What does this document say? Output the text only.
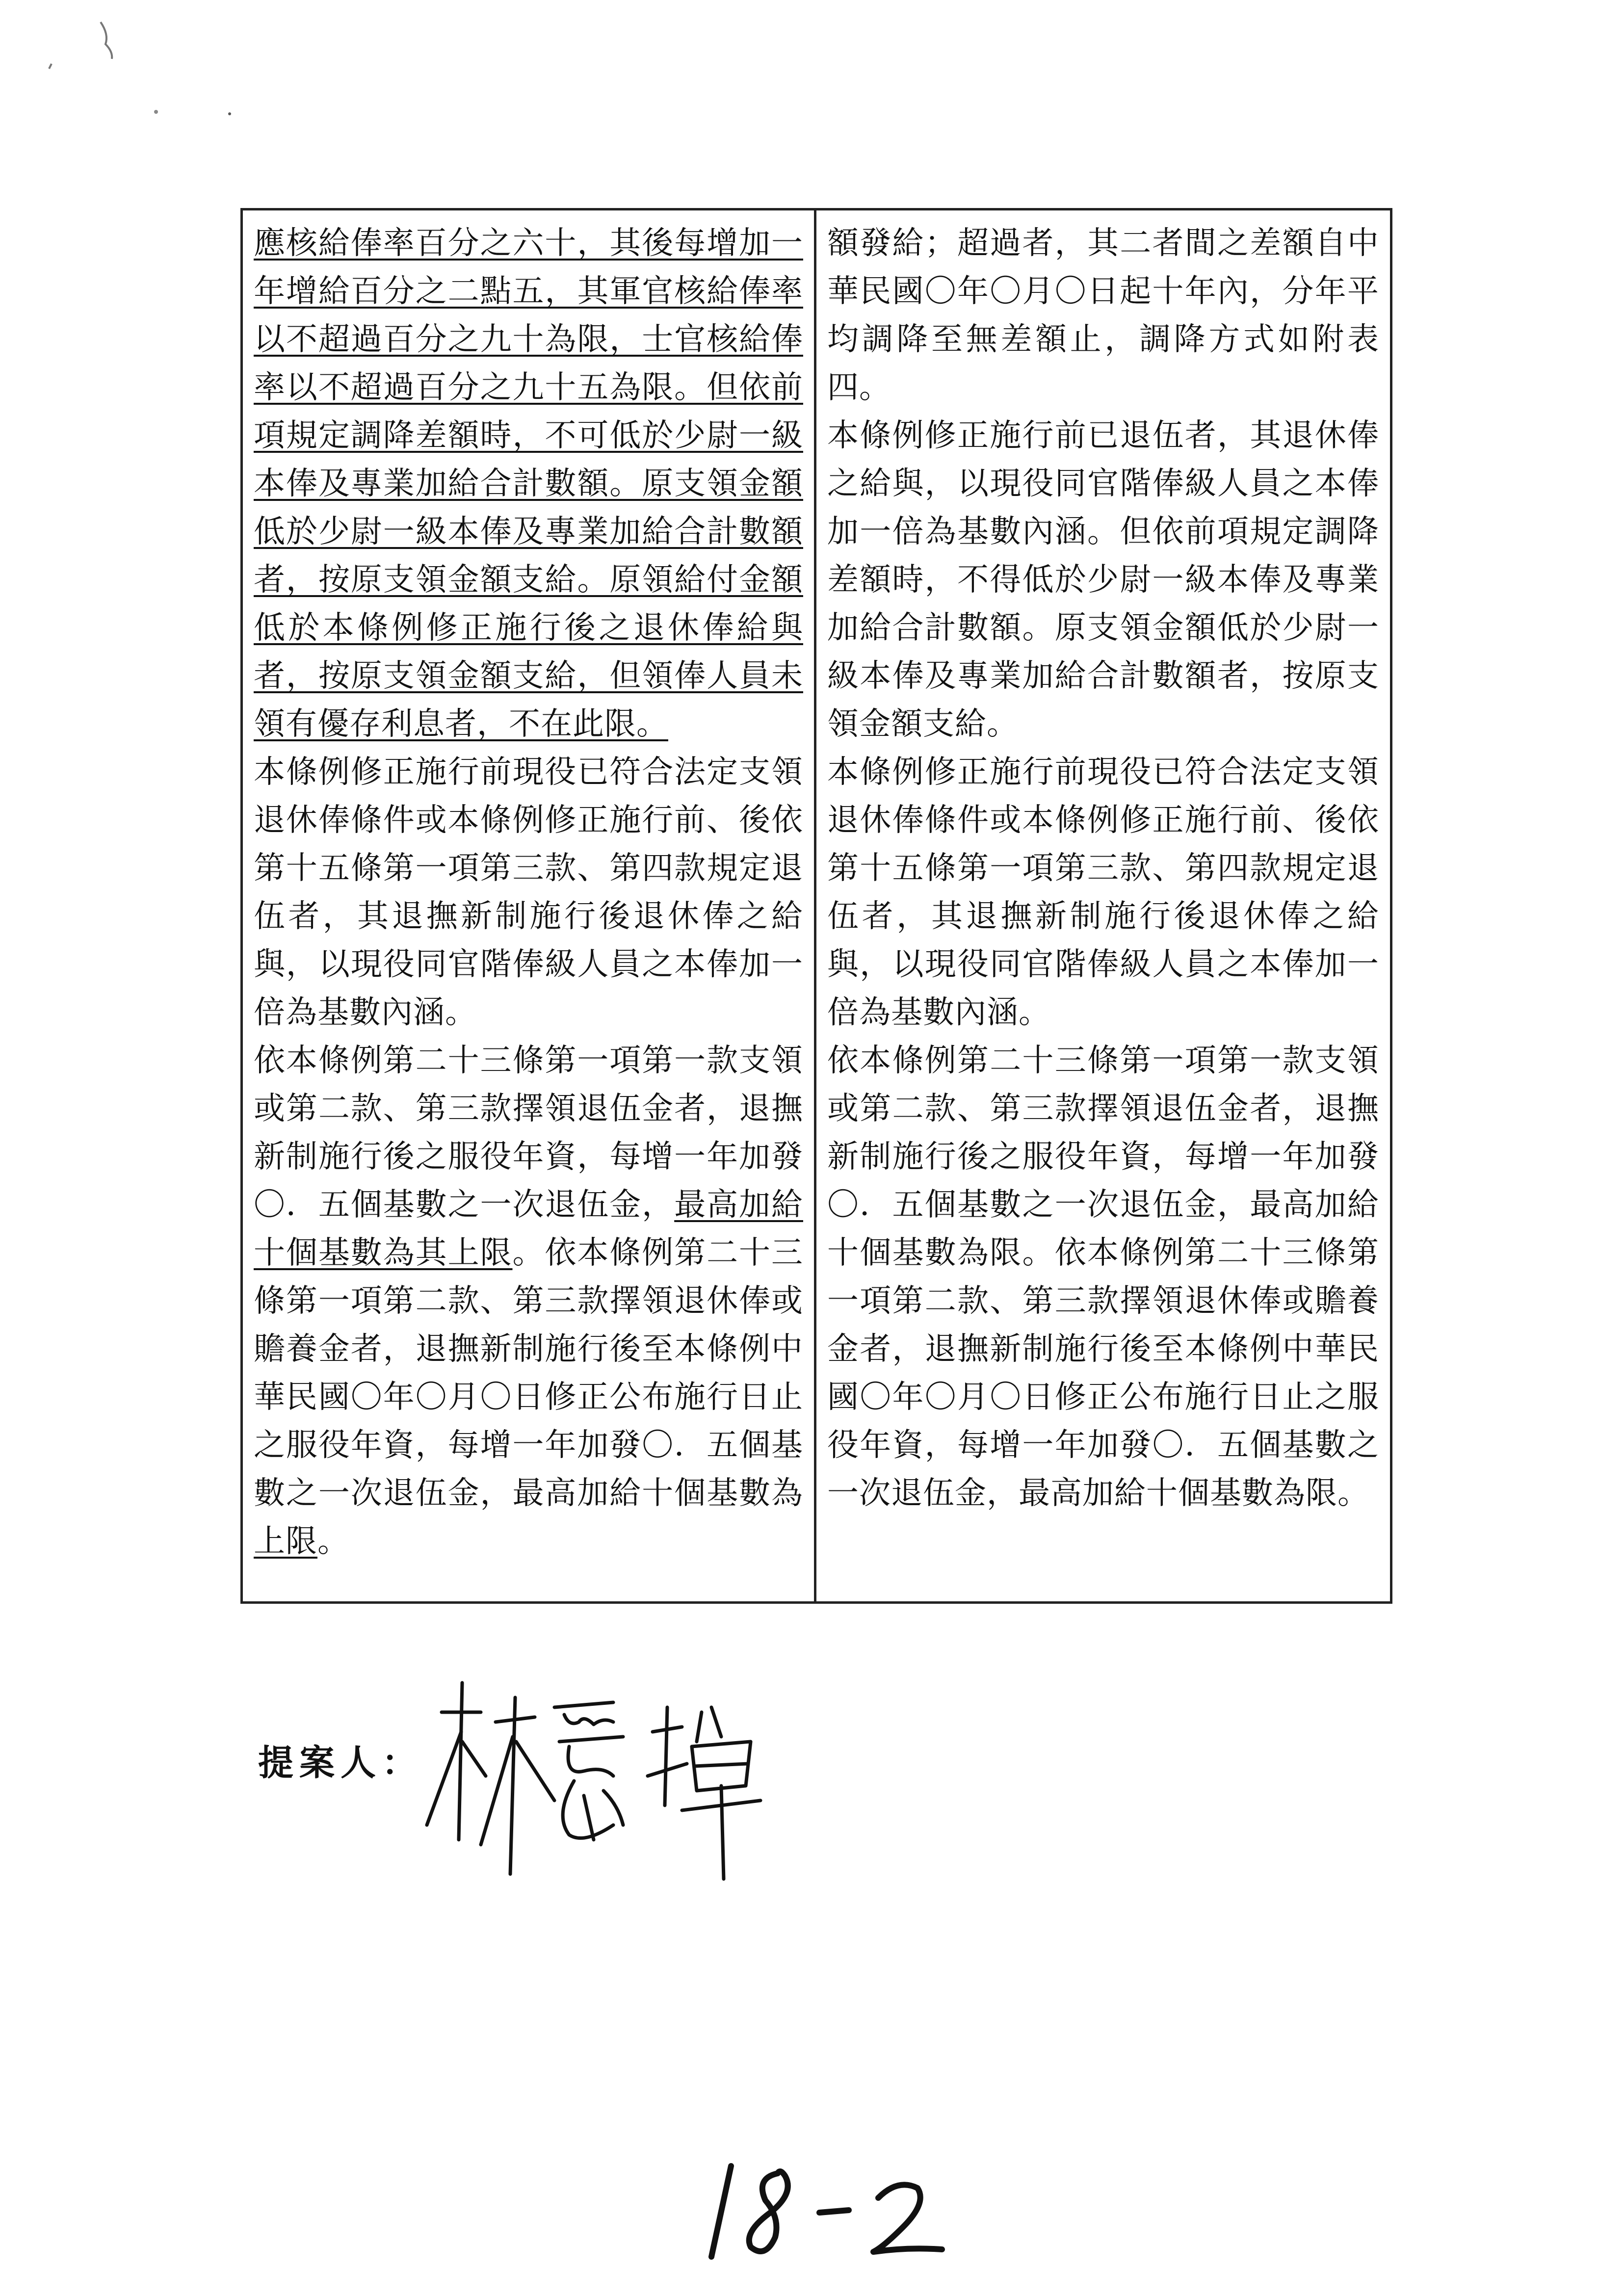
應核給俸率百分之六十，其後每增加一年增給百分之二點五，其軍官核給俸率以不超過百分之九十為限，士官核給俸率以不超過百分之九十五為限。但依前項規定調降差額時，不可低於少尉一級本俸及專業加給合計數額。原支領金額低於少尉一級本俸及專業加給合計數額者，按原支領金額支給。原領給付金額低於本條例修正施行後之退休俸給與者，按原支領金額支給，但領俸人員未領有優存利息者，不在此限。

本條例修正施行前現役已符合法定支領退休俸條件或本條例修正施行前、後依第十五條第一項第三款、第四款規定退伍者，其退撫新制施行後退休俸之給與，以現役同官階俸級人員之本俸加一倍為基數內涵。

依本條例第二十三條第一項第一款支領或第二款、第三款擇領退伍金者，退撫新制施行後之服役年資，每增一年加發〇．五個基數之一次退伍金，最高加給十個基數為其上限。依本條例第二十三條第一項第二款、第三款擇領退休俸或贍養金者，退撫新制施行後至本條例中華民國〇年〇月〇日修正公布施行日止之服役年資，每增一年加發〇．五個基數之一次退伍金，最高加給十個基數為上限。

額發給；超過者，其二者間之差額自中華民國〇年〇月〇日起十年內，分年平均調降至無差額止，調降方式如附表四。

本條例修正施行前已退伍者，其退休俸之給與，以現役同官階俸級人員之本俸加一倍為基數內涵。但依前項規定調降差額時，不得低於少尉一級本俸及專業加給合計數額。原支領金額低於少尉一級本俸及專業加給合計數額者，按原支領金額支給。

本條例修正施行前現役已符合法定支領退休俸條件或本條例修正施行前、後依第十五條第一項第三款、第四款規定退伍者，其退撫新制施行後退休俸之給與，以現役同官階俸級人員之本俸加一倍為基數內涵。

依本條例第二十三條第一項第一款支領或第二款、第三款擇領退伍金者，退撫新制施行後之服役年資，每增一年加發〇．五個基數之一次退伍金，最高加給十個基數為限。依本條例第二十三條第一項第二款、第三款擇領退休俸或贍養金者，退撫新制施行後至本條例中華民國〇年〇月〇日修正公布施行日止之服役年資，每增一年加發〇．五個基數之一次退伍金，最高加給十個基數為限。

提案人：
